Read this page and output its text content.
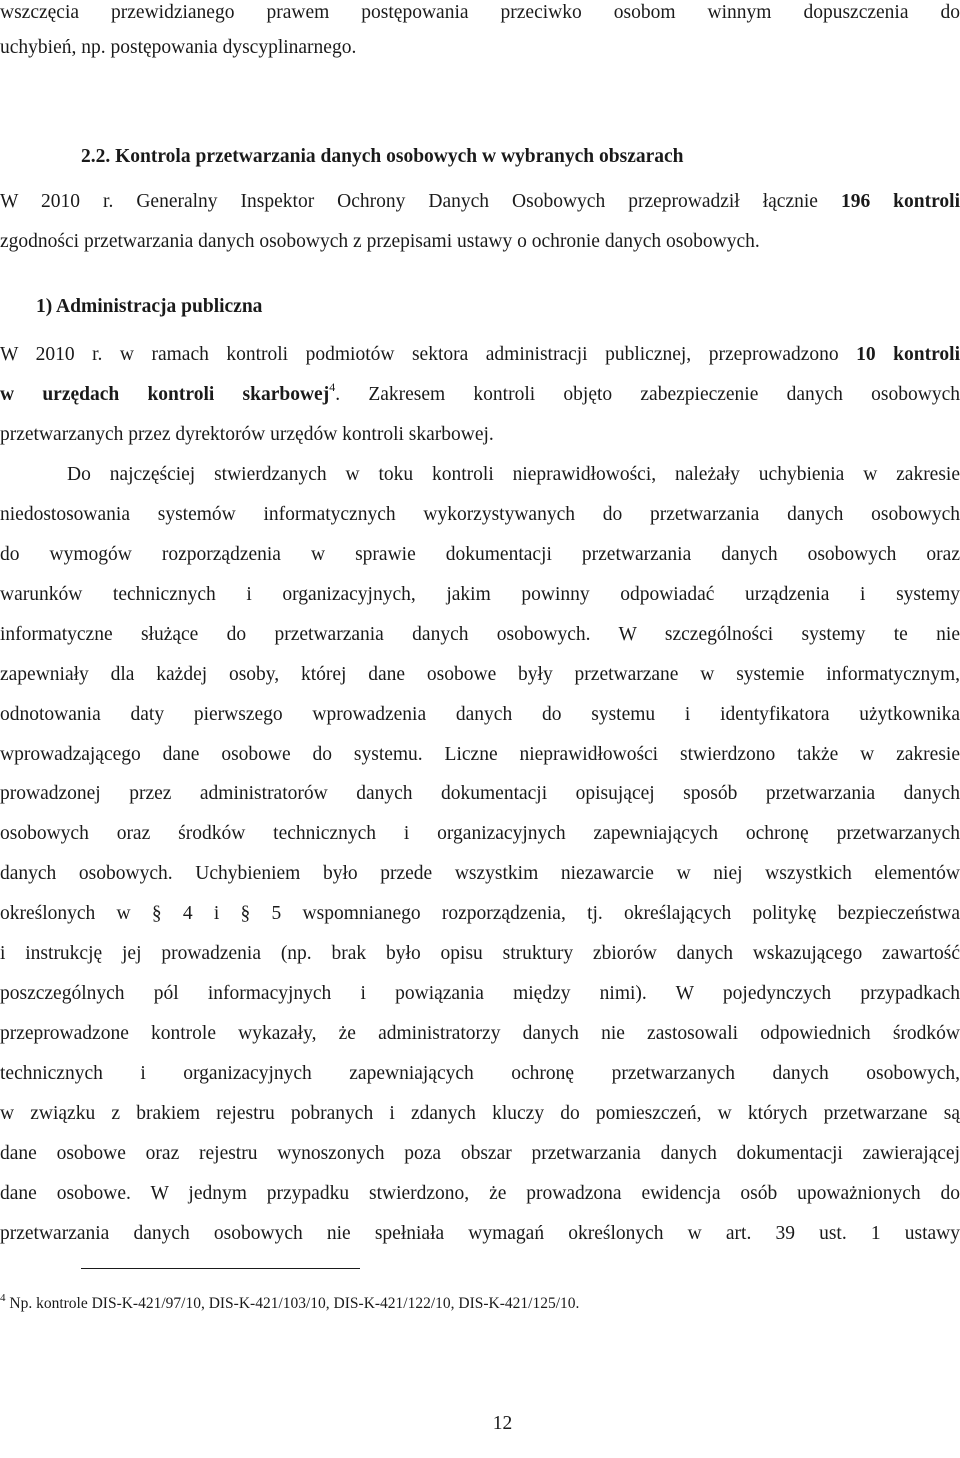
wszczęcia przewidzianego prawem postępowania przeciwko osobom winnym dopuszczenia do
uchybień, np. postępowania dyscyplinarnego.
2.2. Kontrola przetwarzania danych osobowych w wybranych obszarach
W 2010 r. Generalny Inspektor Ochrony Danych Osobowych przeprowadził łącznie 196 kontroli
zgodności przetwarzania danych osobowych z przepisami ustawy o ochronie danych osobowych.
1) Administracja publiczna
W 2010 r. w ramach kontroli podmiotów sektora administracji publicznej, przeprowadzono 10 kontroli
w urzędach kontroli skarbowej$^4$. Zakresem kontroli objęto zabezpieczenie danych osobowych
przetwarzanych przez dyrektorów urzędów kontroli skarbowej.
Do najczęściej stwierdzanych w toku kontroli nieprawidłowości, należały uchybienia w zakresie
niedostosowania systemów informatycznych wykorzystywanych do przetwarzania danych osobowych
do wymogów rozporządzenia w sprawie dokumentacji przetwarzania danych osobowych oraz
warunków technicznych i organizacyjnych, jakim powinny odpowiadać urządzenia i systemy
informatyczne służące do przetwarzania danych osobowych. W szczególności systemy te nie
zapewniały dla każdej osoby, której dane osobowe były przetwarzane w systemie informatycznym,
odnotowania daty pierwszego wprowadzenia danych do systemu i identyfikatora użytkownika
wprowadzającego dane osobowe do systemu. Liczne nieprawidłowości stwierdzono także w zakresie
prowadzonej przez administratorów danych dokumentacji opisującej sposób przetwarzania danych
osobowych oraz środków technicznych i organizacyjnych zapewniających ochronę przetwarzanych
danych osobowych. Uchybieniem było przede wszystkim niezawarcie w niej wszystkich elementów
określonych w § 4 i § 5 wspomnianego rozporządzenia, tj. określających politykę bezpieczeństwa
i instrukcję jej prowadzenia (np. brak było opisu struktury zbiorów danych wskazującego zawartość
poszczególnych pól informacyjnych i powiązania między nimi). W pojedynczych przypadkach
przeprowadzone kontrole wykazały, że administratorzy danych nie zastosowali odpowiednich środków
technicznych i organizacyjnych zapewniających ochronę przetwarzanych danych osobowych,
w związku z brakiem rejestru pobranych i zdanych kluczy do pomieszczeń, w których przetwarzane są
dane osobowe oraz rejestru wynoszonych poza obszar przetwarzania danych dokumentacji zawierającej
dane osobowe. W jednym przypadku stwierdzono, że prowadzona ewidencja osób upoważnionych do
przetwarzania danych osobowych nie spełniała wymagań określonych w art. 39 ust. 1 ustawy
$^4$ Np. kontrole DIS-K-421/97/10, DIS-K-421/103/10, DIS-K-421/122/10, DIS-K-421/125/10.
12
